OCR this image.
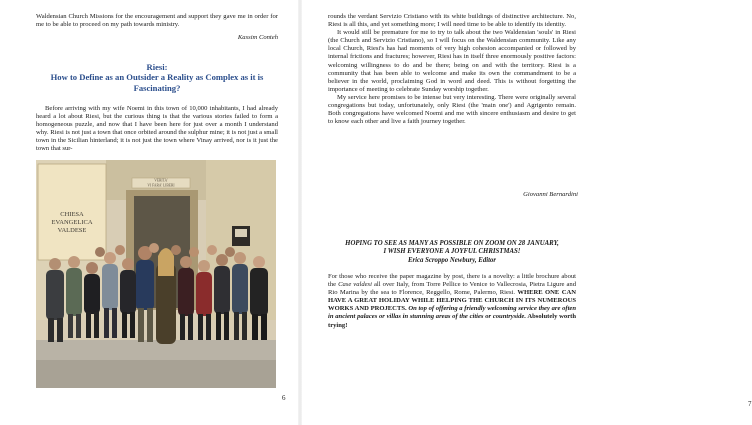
Waldensian Church Missions for the encouragement and support they gave me in order for me to be able to proceed on my path towards ministry.

Kassim Conteh
Riesi:
How to Define as an Outsider a Reality as Complex as it is Fascinating?

Before arriving with my wife Noemi in this town of 10,000 inhabitants, I had already heard a lot about Riesi, but the curious thing is that the various stories failed to form a homogeneous puzzle, and now that I have been here for just over a month I understand why. Riesi is not just a town that once orbited around the sulphur mine; it is not just a small town in the Sicilian hinterland; it is not just the town where Vinay arrived, nor is it just the town that sur-

CHIESA
EVANGELICA
VALDESE
VERITA'
VI FARA' LIBERI
6

rounds the verdant Servizio Cristiano with its white buildings of distinctive architecture. No, Riesi is all this, and yet something more; I will need time to be able to identify its identity.

It would still be premature for me to try to talk about the two Waldensian 'souls' in Riesi (the Church and Servizio Cristiano), so I will focus on the Waldensian community. Like any local Church, Riesi's has had moments of very high cohesion accompanied or followed by internal frictions and fractures; however, Riesi has in itself three enormously positive factors: welcoming willingness to do and be there; being on and with the territory. Riesi is a community that has been able to welcome and make its own the commandment to be a believer in the world, proclaiming God in word and deed. This is without forgetting the importance of meeting to celebrate Sunday worship together.

My service here promises to be intense but very interesting. There were originally several congregations but today, unfortunately, only Riesi (the 'main one') and Agrigento remain. Both congregations have welcomed Noemi and me with sincere enthusiasm and desire to get to know each other and live a faith journey together.

Giovanni Bernardini
HOPING TO SEE AS MANY AS POSSIBLE ON ZOOM ON 28 JANUARY,
I WISH EVERYONE A JOYFUL CHRISTMAS!
Erica Scroppo Newbury, Editor

For those who receive the paper magazine by post, there is a novelty: a little brochure about the Case valdesi all over Italy, from Torre Pellice to Venice to Vallecrosia, Pietra Ligure and Rio Marina by the sea to Florence, Reggello, Rome, Palermo, Riesi. WHERE ONE CAN HAVE A GREAT HOLIDAY WHILE HELPING THE CHURCH IN ITS NUMEROUS WORKS AND PROJECTS. On top of offering a friendly welcoming service they are often in ancient palaces or villas in stunning areas of the cities or countryside. Absolutely worth trying!

7
